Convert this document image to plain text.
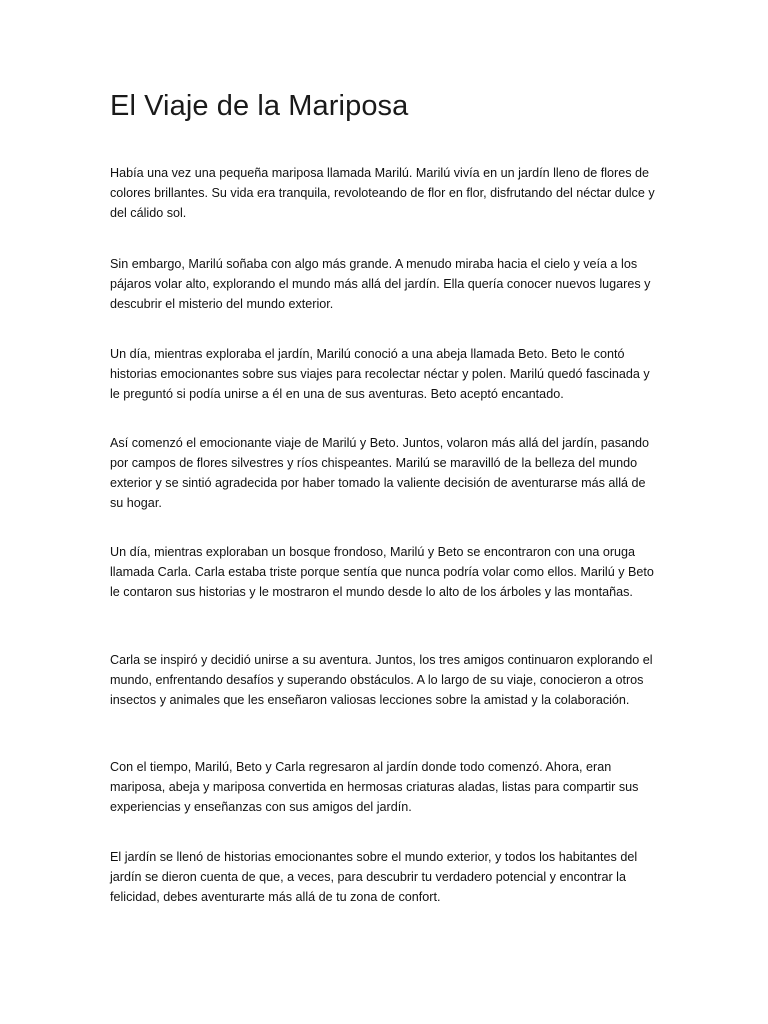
El Viaje de la Mariposa

Había una vez una pequeña mariposa llamada Marilú. Marilú vivía en un jardín lleno de flores de colores brillantes. Su vida era tranquila, revoloteando de flor en flor, disfrutando del néctar dulce y del cálido sol.

Sin embargo, Marilú soñaba con algo más grande. A menudo miraba hacia el cielo y veía a los pájaros volar alto, explorando el mundo más allá del jardín. Ella quería conocer nuevos lugares y descubrir el misterio del mundo exterior.

Un día, mientras exploraba el jardín, Marilú conoció a una abeja llamada Beto. Beto le contó historias emocionantes sobre sus viajes para recolectar néctar y polen. Marilú quedó fascinada y le preguntó si podía unirse a él en una de sus aventuras. Beto aceptó encantado.

Así comenzó el emocionante viaje de Marilú y Beto. Juntos, volaron más allá del jardín, pasando por campos de flores silvestres y ríos chispeantes. Marilú se maravilló de la belleza del mundo exterior y se sintió agradecida por haber tomado la valiente decisión de aventurarse más allá de su hogar.

Un día, mientras exploraban un bosque frondoso, Marilú y Beto se encontraron con una oruga llamada Carla. Carla estaba triste porque sentía que nunca podría volar como ellos. Marilú y Beto le contaron sus historias y le mostraron el mundo desde lo alto de los árboles y las montañas.

Carla se inspiró y decidió unirse a su aventura. Juntos, los tres amigos continuaron explorando el mundo, enfrentando desafíos y superando obstáculos. A lo largo de su viaje, conocieron a otros insectos y animales que les enseñaron valiosas lecciones sobre la amistad y la colaboración.

Con el tiempo, Marilú, Beto y Carla regresaron al jardín donde todo comenzó. Ahora, eran mariposa, abeja y mariposa convertida en hermosas criaturas aladas, listas para compartir sus experiencias y enseñanzas con sus amigos del jardín.

El jardín se llenó de historias emocionantes sobre el mundo exterior, y todos los habitantes del jardín se dieron cuenta de que, a veces, para descubrir tu verdadero potencial y encontrar la felicidad, debes aventurarte más allá de tu zona de confort.
